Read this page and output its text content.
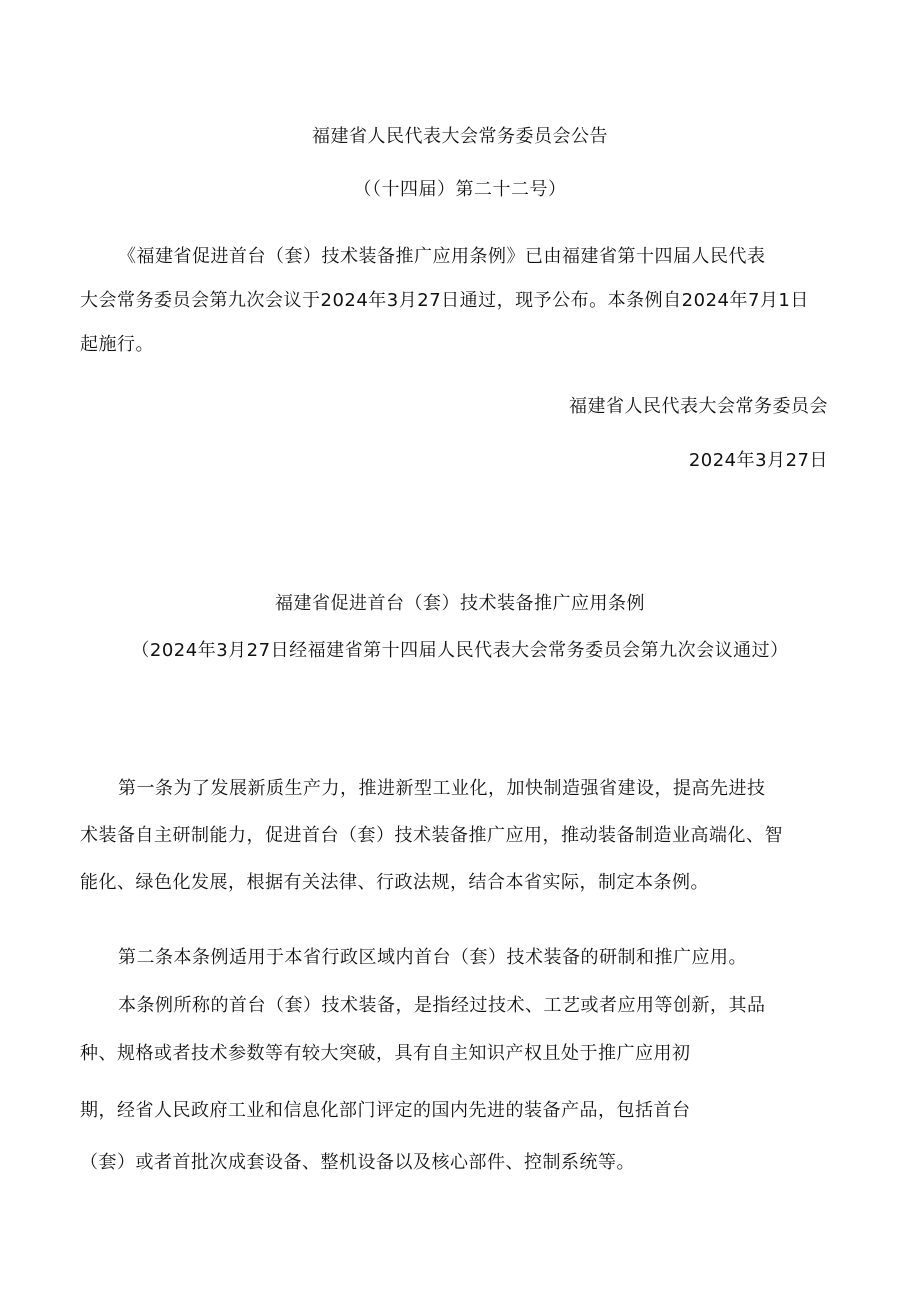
福建省人民代表大会常务委员会公告
（（十四届）第二十二号）
《福建省促进首台（套）技术装备推广应用条例》已由福建省第十四届人民代表
大会常务委员会第九次会议于2024年3月27日通过，现予公布。本条例自2024年7月1日
起施行。
福建省人民代表大会常务委员会
2024年3月27日
福建省促进首台（套）技术装备推广应用条例
（2024年3月27日经福建省第十四届人民代表大会常务委员会第九次会议通过）
第一条为了发展新质生产力，推进新型工业化，加快制造强省建设，提高先进技
术装备自主研制能力，促进首台（套）技术装备推广应用，推动装备制造业高端化、智
能化、绿色化发展，根据有关法律、行政法规，结合本省实际，制定本条例。
第二条本条例适用于本省行政区域内首台（套）技术装备的研制和推广应用。
本条例所称的首台（套）技术装备，是指经过技术、工艺或者应用等创新，其品
种、规格或者技术参数等有较大突破，具有自主知识产权且处于推广应用初
期，经省人民政府工业和信息化部门评定的国内先进的装备产品，包括首台
（套）或者首批次成套设备、整机设备以及核心部件、控制系统等。
